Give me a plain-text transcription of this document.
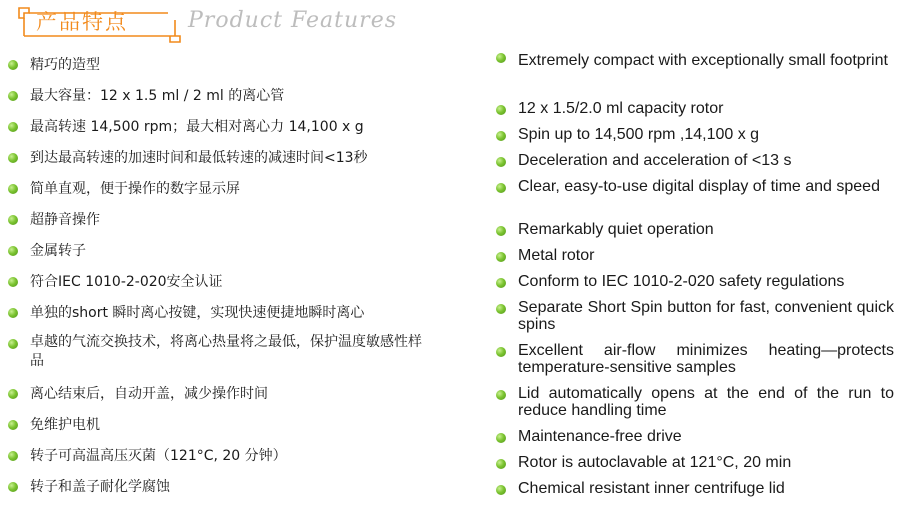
产品特点	Product Features
精巧的造型
最大容量：12 x 1.5 ml / 2 ml 的离心管
最高转速 14,500 rpm；最大相对离心力 14,100 x g
到达最高转速的加速时间和最低转速的减速时间<13秒
简单直观，便于操作的数字显示屏
超静音操作
金属转子
符合IEC 1010-2-020安全认证
单独的short 瞬时离心按键，实现快速便捷地瞬时离心
卓越的气流交换技术，将离心热量将之最低，保护温度敏感性样品
离心结束后，自动开盖，减少操作时间
免维护电机
转子可高温高压灭菌（121°C, 20 分钟）
转子和盖子耐化学腐蚀
Extremely compact with exceptionally small footprint
12 x 1.5/2.0 ml capacity rotor
Spin up to 14,500 rpm ,14,100 x g
Deceleration and acceleration of <13 s
Clear, easy-to-use digital display of time and speed
Remarkably quiet operation
Metal rotor
Conform to IEC 1010-2-020 safety regulations
Separate Short Spin button for fast, convenient quick spins
Excellent air-flow minimizes heating—protects temperature-sensitive samples
Lid automatically opens at the end of the run to reduce handling time
Maintenance-free drive
Rotor is autoclavable at 121°C, 20 min
Chemical resistant inner centrifuge lid
